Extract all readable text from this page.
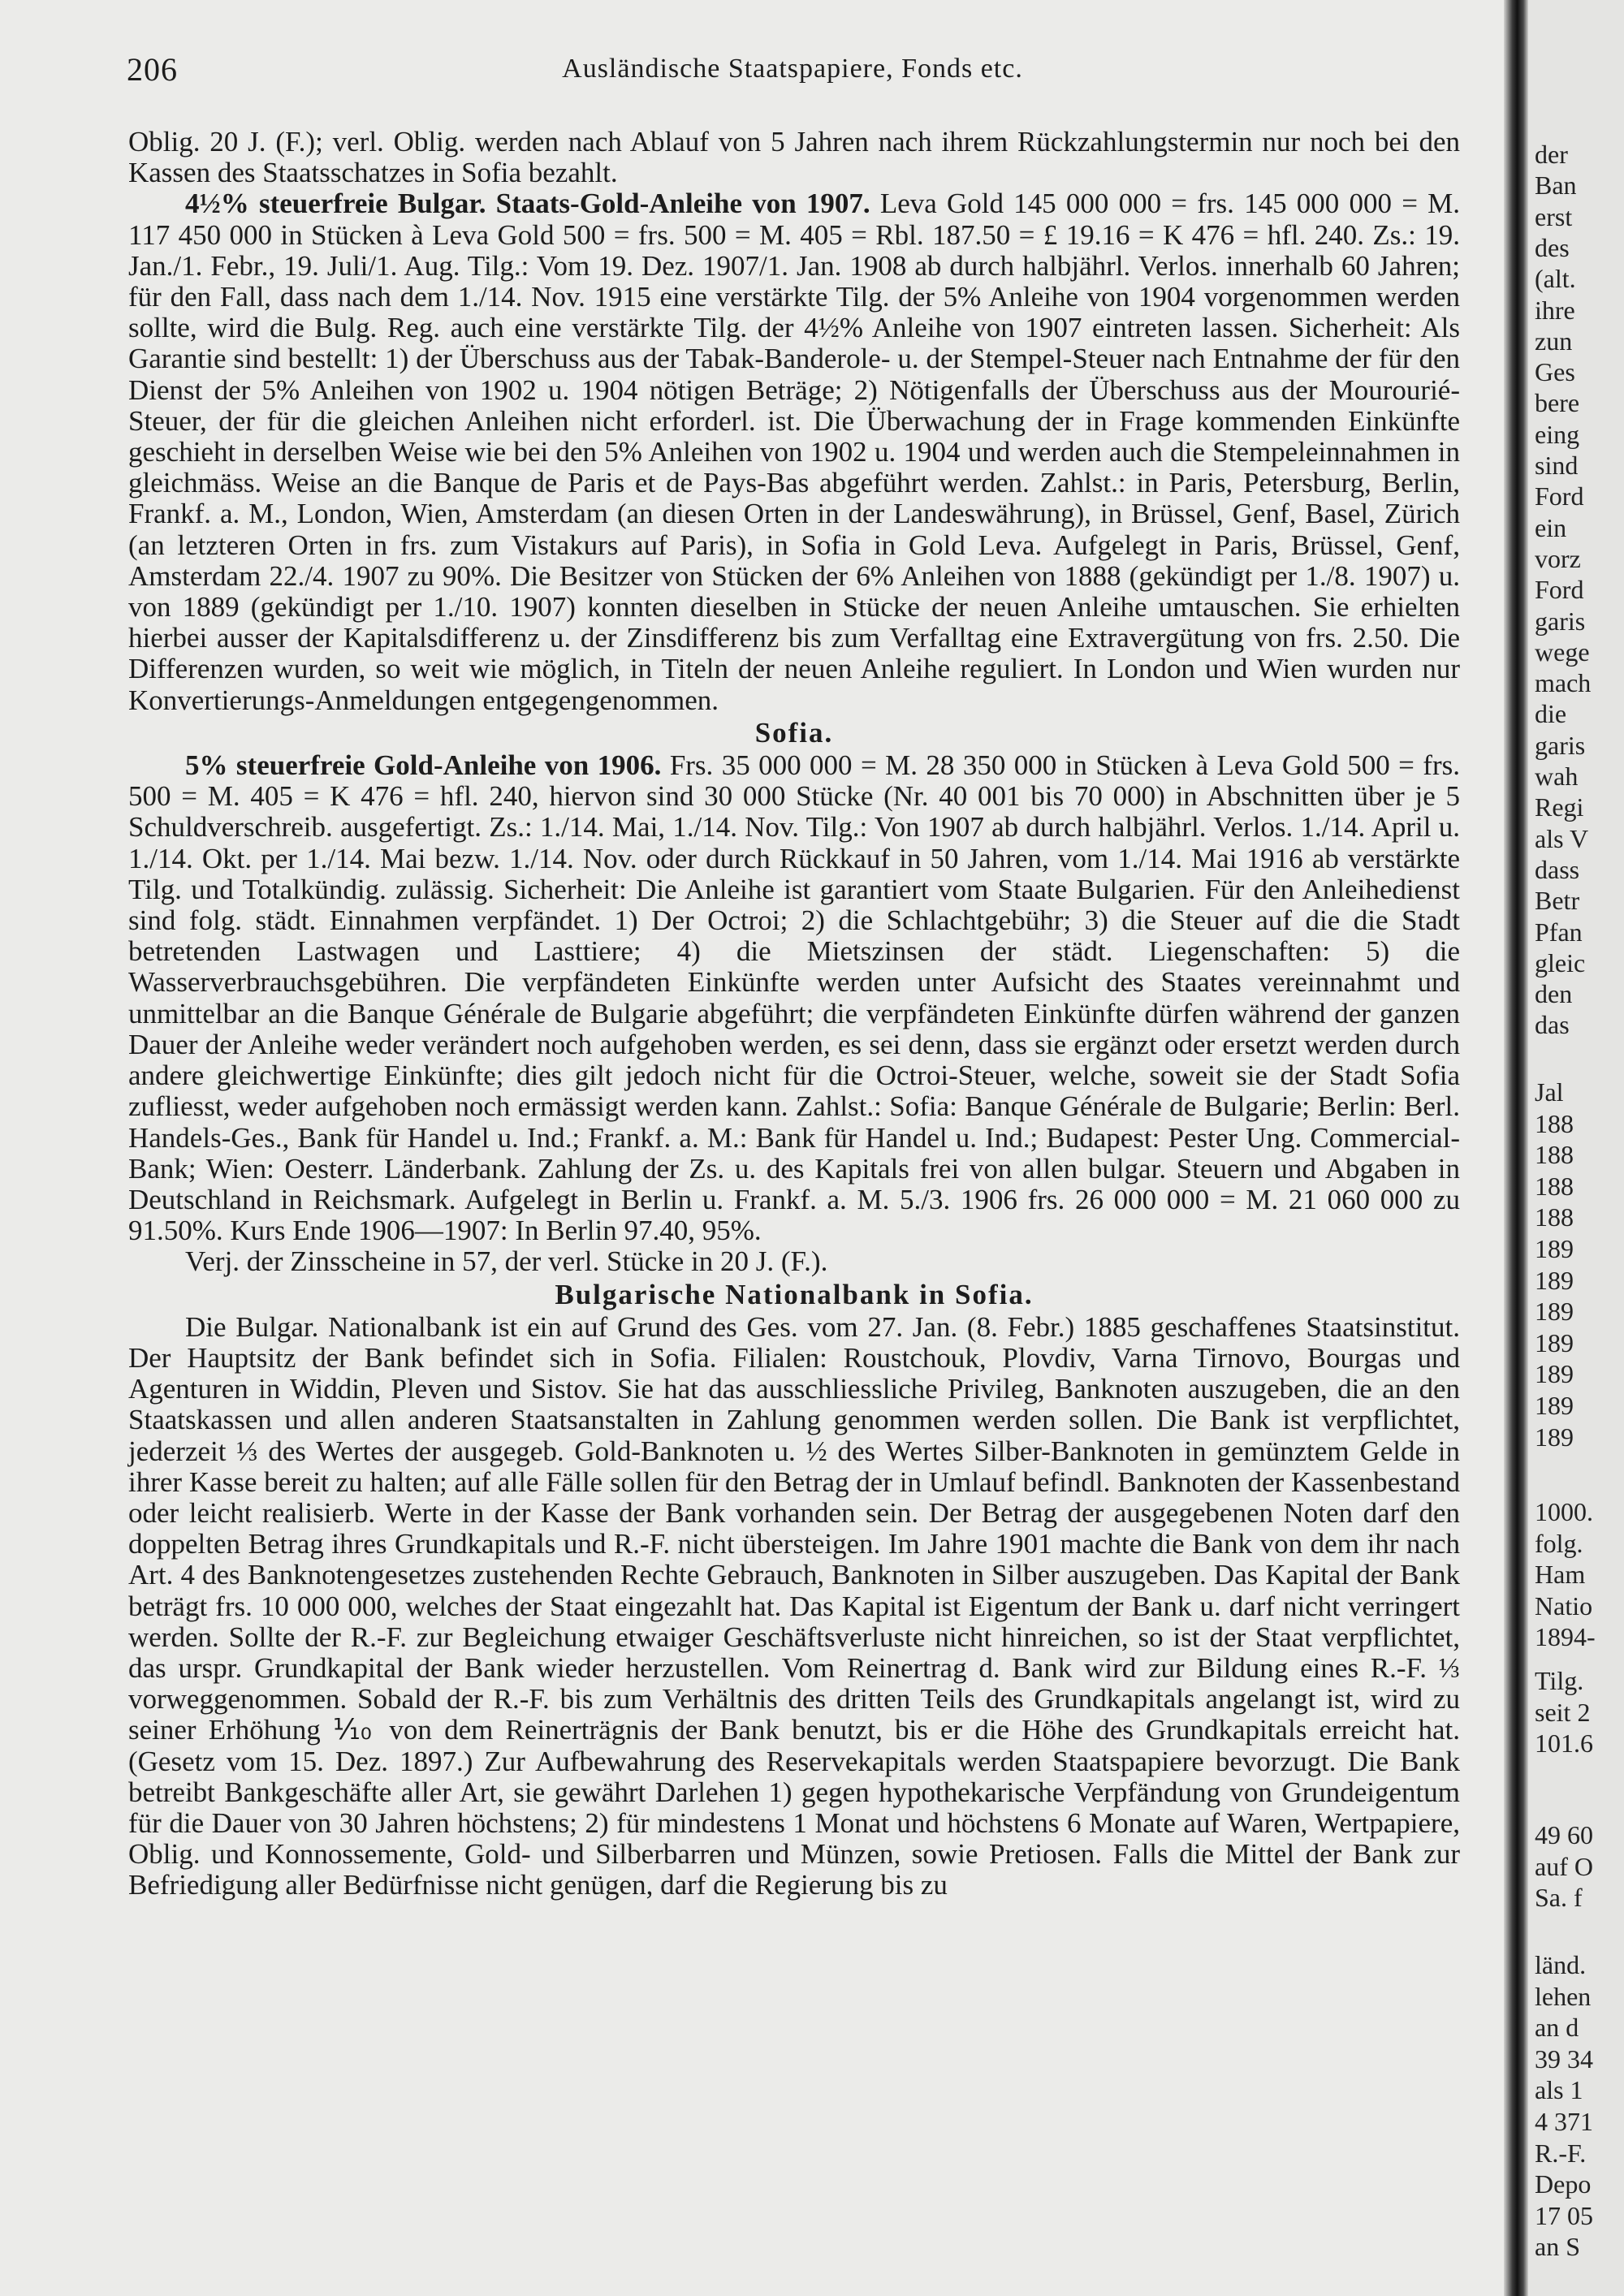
206	Ausländische Staatspapiere, Fonds etc.

Oblig. 20 J. (F.); verl. Oblig. werden nach Ablauf von 5 Jahren nach ihrem Rückzahlungstermin nur noch bei den Kassen des Staatsschatzes in Sofia bezahlt.

4½% steuerfreie Bulgar. Staats-Gold-Anleihe von 1907. Leva Gold 145 000 000 = frs. 145 000 000 = M. 117 450 000 in Stücken à Leva Gold 500 = frs. 500 = M. 405 = Rbl. 187.50 = £ 19.16 = K 476 = hfl. 240. Zs.: 19. Jan./1. Febr., 19. Juli/1. Aug. Tilg.: Vom 19. Dez. 1907/1. Jan. 1908 ab durch halbjährl. Verlos. innerhalb 60 Jahren; für den Fall, dass nach dem 1./14. Nov. 1915 eine verstärkte Tilg. der 5% Anleihe von 1904 vorgenommen werden sollte, wird die Bulg. Reg. auch eine verstärkte Tilg. der 4½% Anleihe von 1907 eintreten lassen. Sicherheit: Als Garantie sind bestellt: 1) der Überschuss aus der Tabak-Banderole- u. der Stempel-Steuer nach Entnahme der für den Dienst der 5% Anleihen von 1902 u. 1904 nötigen Beträge; 2) Nötigenfalls der Überschuss aus der Mourourié-Steuer, der für die gleichen Anleihen nicht erforderl. ist. Die Überwachung der in Frage kommenden Einkünfte geschieht in derselben Weise wie bei den 5% Anleihen von 1902 u. 1904 und werden auch die Stempeleinnahmen in gleichmäss. Weise an die Banque de Paris et de Pays-Bas abgeführt werden. Zahlst.: in Paris, Petersburg, Berlin, Frankf. a. M., London, Wien, Amsterdam (an diesen Orten in der Landeswährung), in Brüssel, Genf, Basel, Zürich (an letzteren Orten in frs. zum Vistakurs auf Paris), in Sofia in Gold Leva. Aufgelegt in Paris, Brüssel, Genf, Amsterdam 22./4. 1907 zu 90%. Die Besitzer von Stücken der 6% Anleihen von 1888 (gekündigt per 1./8. 1907) u. von 1889 (gekündigt per 1./10. 1907) konnten dieselben in Stücke der neuen Anleihe umtauschen. Sie erhielten hierbei ausser der Kapitalsdifferenz u. der Zinsdifferenz bis zum Verfalltag eine Extravergütung von frs. 2.50. Die Differenzen wurden, so weit wie möglich, in Titeln der neuen Anleihe reguliert. In London und Wien wurden nur Konvertierungs-Anmeldungen entgegengenommen.

Sofia.

5% steuerfreie Gold-Anleihe von 1906. Frs. 35 000 000 = M. 28 350 000 in Stücken à Leva Gold 500 = frs. 500 = M. 405 = K 476 = hfl. 240, hiervon sind 30 000 Stücke (Nr. 40 001 bis 70 000) in Abschnitten über je 5 Schuldverschreib. ausgefertigt. Zs.: 1./14. Mai, 1./14. Nov. Tilg.: Von 1907 ab durch halbjährl. Verlos. 1./14. April u. 1./14. Okt. per 1./14. Mai bezw. 1./14. Nov. oder durch Rückkauf in 50 Jahren, vom 1./14. Mai 1916 ab verstärkte Tilg. und Totalkündig. zulässig. Sicherheit: Die Anleihe ist garantiert vom Staate Bulgarien. Für den Anleihedienst sind folg. städt. Einnahmen verpfändet. 1) Der Octroi; 2) die Schlachtgebühr; 3) die Steuer auf die die Stadt betretenden Lastwagen und Lasttiere; 4) die Mietszinsen der städt. Liegenschaften: 5) die Wasserverbrauchsgebühren. Die verpfändeten Einkünfte werden unter Aufsicht des Staates vereinnahmt und unmittelbar an die Banque Générale de Bulgarie abgeführt; die verpfändeten Einkünfte dürfen während der ganzen Dauer der Anleihe weder verändert noch aufgehoben werden, es sei denn, dass sie ergänzt oder ersetzt werden durch andere gleichwertige Einkünfte; dies gilt jedoch nicht für die Octroi-Steuer, welche, soweit sie der Stadt Sofia zufliesst, weder aufgehoben noch ermässigt werden kann. Zahlst.: Sofia: Banque Générale de Bulgarie; Berlin: Berl. Handels-Ges., Bank für Handel u. Ind.; Frankf. a. M.: Bank für Handel u. Ind.; Budapest: Pester Ung. Commercial-Bank; Wien: Oesterr. Länderbank. Zahlung der Zs. u. des Kapitals frei von allen bulgar. Steuern und Abgaben in Deutschland in Reichsmark. Aufgelegt in Berlin u. Frankf. a. M. 5./3. 1906 frs. 26 000 000 = M. 21 060 000 zu 91.50%. Kurs Ende 1906—1907: In Berlin 97.40, 95%.

Verj. der Zinsscheine in 57, der verl. Stücke in 20 J. (F.).

Bulgarische Nationalbank in Sofia.

Die Bulgar. Nationalbank ist ein auf Grund des Ges. vom 27. Jan. (8. Febr.) 1885 geschaffenes Staatsinstitut. Der Hauptsitz der Bank befindet sich in Sofia. Filialen: Roustchouk, Plovdiv, Varna Tirnovo, Bourgas und Agenturen in Widdin, Pleven und Sistov. Sie hat das ausschliessliche Privileg, Banknoten auszugeben, die an den Staatskassen und allen anderen Staatsanstalten in Zahlung genommen werden sollen. Die Bank ist verpflichtet, jederzeit ⅓ des Wertes der ausgegeb. Gold-Banknoten u. ½ des Wertes Silber-Banknoten in gemünztem Gelde in ihrer Kasse bereit zu halten; auf alle Fälle sollen für den Betrag der in Umlauf befindl. Banknoten der Kassenbestand oder leicht realisierb. Werte in der Kasse der Bank vorhanden sein. Der Betrag der ausgegebenen Noten darf den doppelten Betrag ihres Grundkapitals und R.-F. nicht übersteigen. Im Jahre 1901 machte die Bank von dem ihr nach Art. 4 des Banknotengesetzes zustehenden Rechte Gebrauch, Banknoten in Silber auszugeben. Das Kapital der Bank beträgt frs. 10 000 000, welches der Staat eingezahlt hat. Das Kapital ist Eigentum der Bank u. darf nicht verringert werden. Sollte der R.-F. zur Begleichung etwaiger Geschäftsverluste nicht hinreichen, so ist der Staat verpflichtet, das urspr. Grundkapital der Bank wieder herzustellen. Vom Reinertrag d. Bank wird zur Bildung eines R.-F. ⅓ vorweggenommen. Sobald der R.-F. bis zum Verhältnis des dritten Teils des Grundkapitals angelangt ist, wird zu seiner Erhöhung ⅒ von dem Reinerträgnis der Bank benutzt, bis er die Höhe des Grundkapitals erreicht hat. (Gesetz vom 15. Dez. 1897.) Zur Aufbewahrung des Reservekapitals werden Staatspapiere bevorzugt. Die Bank betreibt Bankgeschäfte aller Art, sie gewährt Darlehen 1) gegen hypothekarische Verpfändung von Grundeigentum für die Dauer von 30 Jahren höchstens; 2) für mindestens 1 Monat und höchstens 6 Monate auf Waren, Wertpapiere, Oblig. und Konnossemente, Gold- und Silberbarren und Münzen, sowie Pretiosen. Falls die Mittel der Bank zur Befriedigung aller Bedürfnisse nicht genügen, darf die Regierung bis zu

der
Ban
erst
des
(alt.
ihre
zun
Ges
bere
eing
sind
Ford
ein
vorz
Ford
garis
wege
mach
die
garis
wah
Regi
als V
dass
Betr
Pfan
gleic
den
das
Jal
188
188
188
188
189
189
189
189
189
189
189
1000.
folg.
Ham
Natio
1894-
Tilg.
seit 2
101.6
49 60
auf O
Sa. f
länd.
lehen
an d
39 34
als 1
4 371
R.-F.
Depo
17 05
an S
